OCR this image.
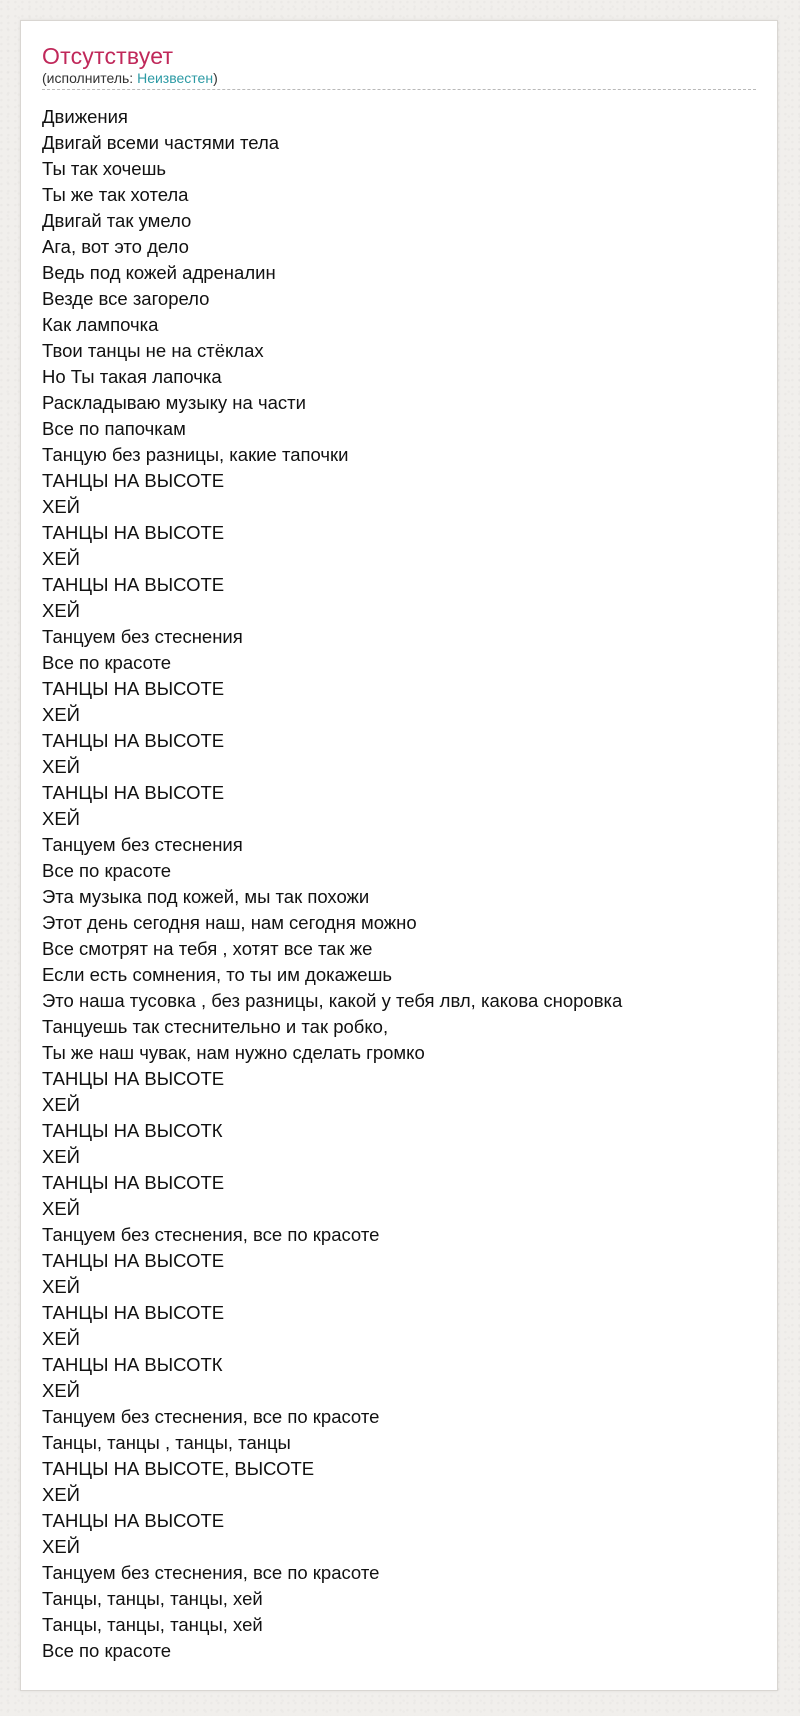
Отсутствует
(исполнитель: Неизвестен)
Движения
Двигай всеми частями тела
Ты так хочешь
Ты же так хотела
Двигай так умело
Ага, вот это дело
Ведь под кожей адреналин
Везде все загорело
Как лампочка
Твои танцы не на стёклах
Но Ты такая лапочка
Раскладываю музыку на части
Все по папочкам
Танцую без разницы, какие тапочки
ТАНЦЫ НА ВЫСОТЕ
ХЕЙ
ТАНЦЫ НА ВЫСОТЕ
ХЕЙ
ТАНЦЫ НА ВЫСОТЕ
ХЕЙ
Танцуем без стеснения
Все по красоте
ТАНЦЫ НА ВЫСОТЕ
ХЕЙ
ТАНЦЫ НА ВЫСОТЕ
ХЕЙ
ТАНЦЫ НА ВЫСОТЕ
ХЕЙ
Танцуем без стеснения
Все по красоте
Эта музыка под кожей, мы так похожи
Этот день сегодня наш, нам сегодня можно
Все смотрят на тебя , хотят все так же
Если есть сомнения, то ты им докажешь
Это наша тусовка , без разницы, какой у тебя лвл, какова сноровка
Танцуешь так стеснительно и так робко,
Ты же наш чувак, нам нужно сделать громко
ТАНЦЫ НА ВЫСОТЕ
ХЕЙ
ТАНЦЫ НА ВЫСОТК
ХЕЙ
ТАНЦЫ НА ВЫСОТЕ
ХЕЙ
Танцуем без стеснения, все по красоте
ТАНЦЫ НА ВЫСОТЕ
ХЕЙ
ТАНЦЫ НА ВЫСОТЕ
ХЕЙ
ТАНЦЫ НА ВЫСОТК
ХЕЙ
Танцуем без стеснения, все по красоте
Танцы, танцы , танцы, танцы
ТАНЦЫ НА ВЫСОТЕ, ВЫСОТЕ
ХЕЙ
ТАНЦЫ НА ВЫСОТЕ
ХЕЙ
Танцуем без стеснения, все по красоте
Танцы, танцы, танцы, хей
Танцы, танцы, танцы, хей
Все по красоте
